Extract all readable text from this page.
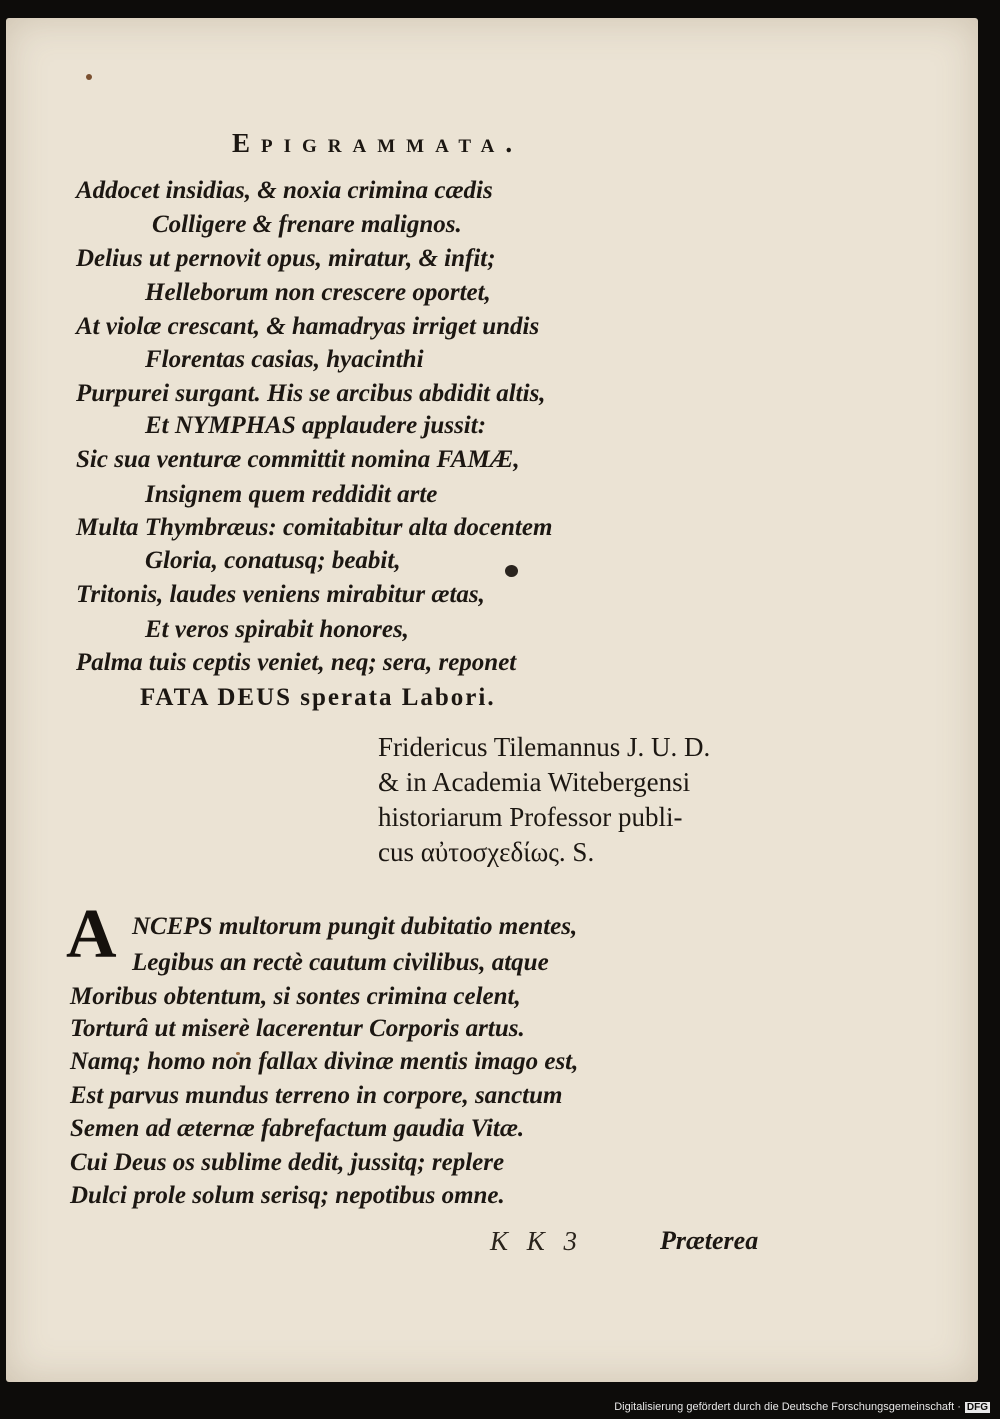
Epigrammata.
Addocet insidias, & noxia crimina cædis
Colligere & frenare malignos.
Delius ut pernovit opus, miratur, & infit;
Helleborum non crescere oportet,
At violæ crescant, & hamadryas irriget undis
Florentas casias, hyacinthi
Purpurei surgant. His se arcibus abdidit altis,
Et NYMPHAS applaudere jussit:
Sic sua venturæ committit nomina FAMÆ,
Insignem quem reddidit arte
Multa Thymbræus: comitabitur alta docentem
Gloria, conatusq; beabit,
Tritonis, laudes veniens mirabitur ætas,
Et veros spirabit honores,
Palma tuis ceptis veniet, neq; sera, reponet
FATA DEUS sperata Labori.
Fridericus Tilemannus J. U. D.
& in Academia Witebergensi
historiarum Professor publi-
cus αὐτοσχεδίως. S.
A NCEPS multorum pungit dubitatio mentes,
Legibus an rectè cautum civilibus, atque
Moribus obtentum, si sontes crimina celent,
Torturâ ut miserè lacerentur Corporis artus.
Namq; homo non fallax divinæ mentis imago est,
Est parvus mundus terreno in corpore, sanctum
Semen ad æternæ fabrefactum gaudia Vitæ.
Cui Deus os sublime dedit, jussitq; replere
Dulci prole solum serisq; nepotibus omne.
K K 3	Præterea
Digitalisierung gefördert durch die Deutsche Forschungsgemeinschaft · DFG
